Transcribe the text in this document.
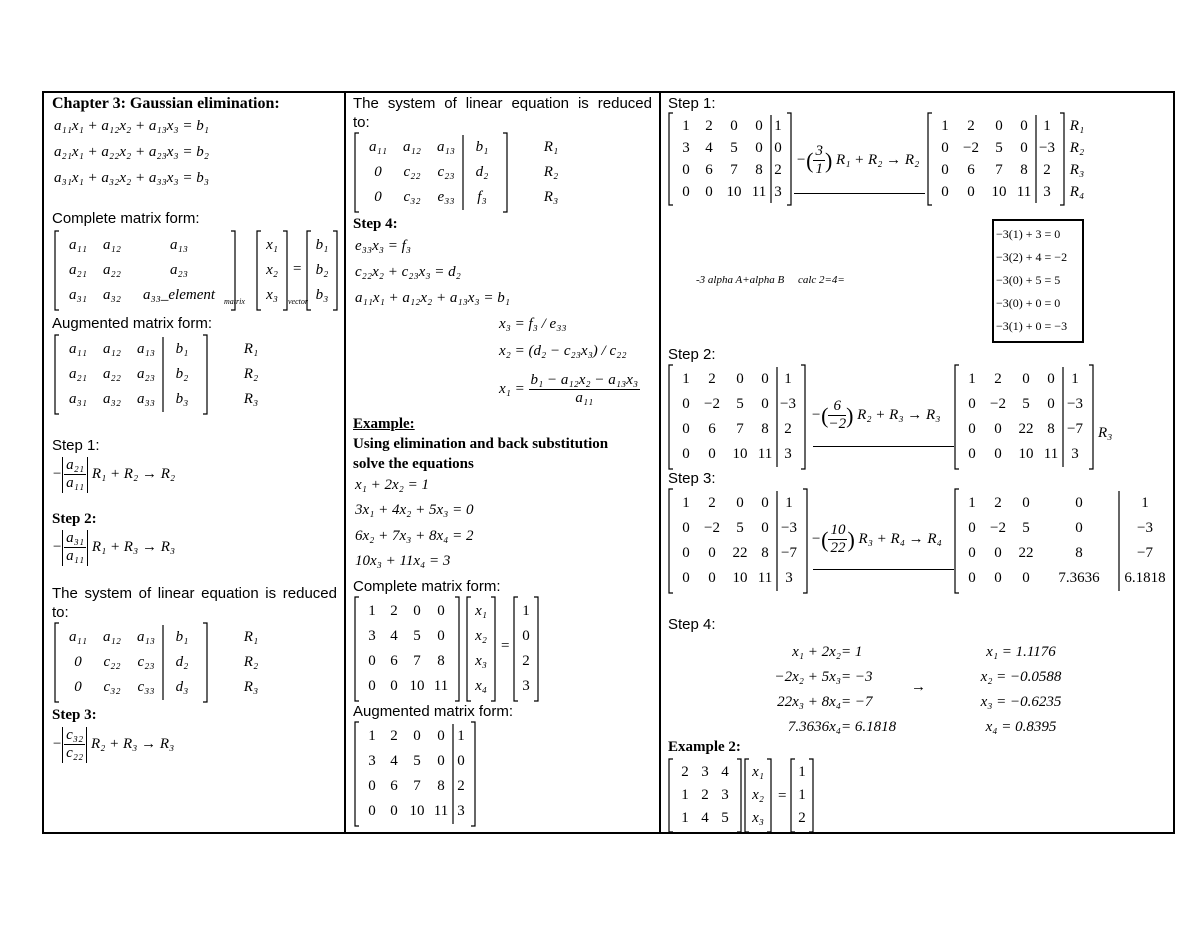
Chapter 3: Gaussian elimination:
a₁₁x₁ + a₁₂x₂ + a₁₃x₃ = b₁
a₂₁x₁ + a₂₂x₂ + a₂₃x₃ = b₂
a₃₁x₁ + a₃₂x₂ + a₃₃x₃ = b₃
Complete matrix form:
a₁₁	a₁₂	a₁₃
a₂₁	a₂₂	a₂₃
a₃₁	a₃₂	a₃₃_element	matrix
x₁
x₂
x₃	vector
=
b₁
b₂
b₃
Augmented matrix form:
a₁₁	a₁₂	a₁₃	b₁
a₂₁	a₂₂	a₂₃	b₂
a₃₁	a₃₂	a₃₃	b₃
R₁
R₂
R₃
Step 1:
− $\frac{\text{a₂₁}}{\text{a₁₁}} R_1 + R_2 \to R_2$
Step 2:
− $\frac{\text{a₃₁}}{\text{a₁₁}} R_1 + R_3 \to R_3$
The system of linear equation is reduced
to:
a₁₁	a₁₂	a₁₃	b₁
0	c₂₂	c₂₃	d₂
0	c₃₂	c₃₃	d₃
R₁
R₂
R₃
Step 3:
− $\frac{\text{c₃₂}}{\text{c₂₂}} R_2 + R_3 \to R_3$
The system of linear equation is reduced
to:
a₁₁	a₁₂	a₁₃	b₁
0	c₂₂	c₂₃	d₂
0	c₃₂	e₃₃	f₃
R₁
R₂
R₃
Step 4:
e₃₃x₃ = f₃
c₂₂x₂ + c₂₃x₃ = d₂
a₁₁x₁ + a₁₂x₂ + a₁₃x₃ = b₁
x₃ = f₃ / e₃₃
x₂ = (d₂ − c₂₃x₃) / c₂₂
$x_1 = \frac{\text{b₁ − a₁₂x₂ − a₁₃x₃}}{\text{a₁₁}}$
Example:
Using elimination and back substitution
solve the equations
x₁ + 2x₂ = 1
3x₁ + 4x₂ + 5x₃ = 0
6x₂ + 7x₃ + 8x₄ = 2
10x₃ + 11x₄ = 3
Complete matrix form:
1 2	0	0
3 4	5	0
0 6	7	8
0 0 10 11
x₁
x₂
x₃
x₄
=
1
0
2
3
Augmented matrix form:
1 2	0	0 1
3 4	5	0 0
0 6	7	8 2
0 0 10 11 3
Step 1:
1	2	0	0 1
3	4	5	0 0
0	6	7	8 2
0	0 10 11 3
−( $\frac{3}{1}$ ) R₁ + R₂ → R₂
1	2	0	0	1
0 −2	5	0 −3
0	6	7	8	2
0	0	10 11 3
R₁
R₂
R₃
R₄
−3(1) + 3 = 0
−3(2) + 4 = −2
−3(0) + 5 = 5
−3(0) + 0 = 0
−3(1) + 0 = −3
-3 alpha A+alpha B     calc 2=4=
Step 2:
1	2	0	0	1
0 −2	5	0 −3
0	6	7	8	2
0	0	10 11 3
−( $\frac{6}{-2}$ ) R₂ + R₃ → R₃
1	2	0	0	1
0 −2	5	0 −3
0	0	22 8 −7
0	0	10 11 3
R₃
Step 3:
1	2	0	0	1
0 −2	5	0 −3
0	0	22 8 −7
0	0	10 11 3
−( $\frac{10}{22}$ ) R₃ + R₄ → R₄
1	2	0	0	1
0 −2	5	0	−3
0	0	22	8	−7
0	0	0	7.3636	6.1818
Step 4:
x₁ + 2x₂ = 1	x₁ = 1.1176
−2x₂ + 5x₃ = −3	x₂ = −0.0588
22x₃ + 8x₄ = −7	x₃ = −0.6235
7.3636x₄ = 6.1818	x₄ = 0.8395
→
Example 2:
2 3 4
1 2 3
1 4 5
x₁
x₂
x₃
=
1
1
2
